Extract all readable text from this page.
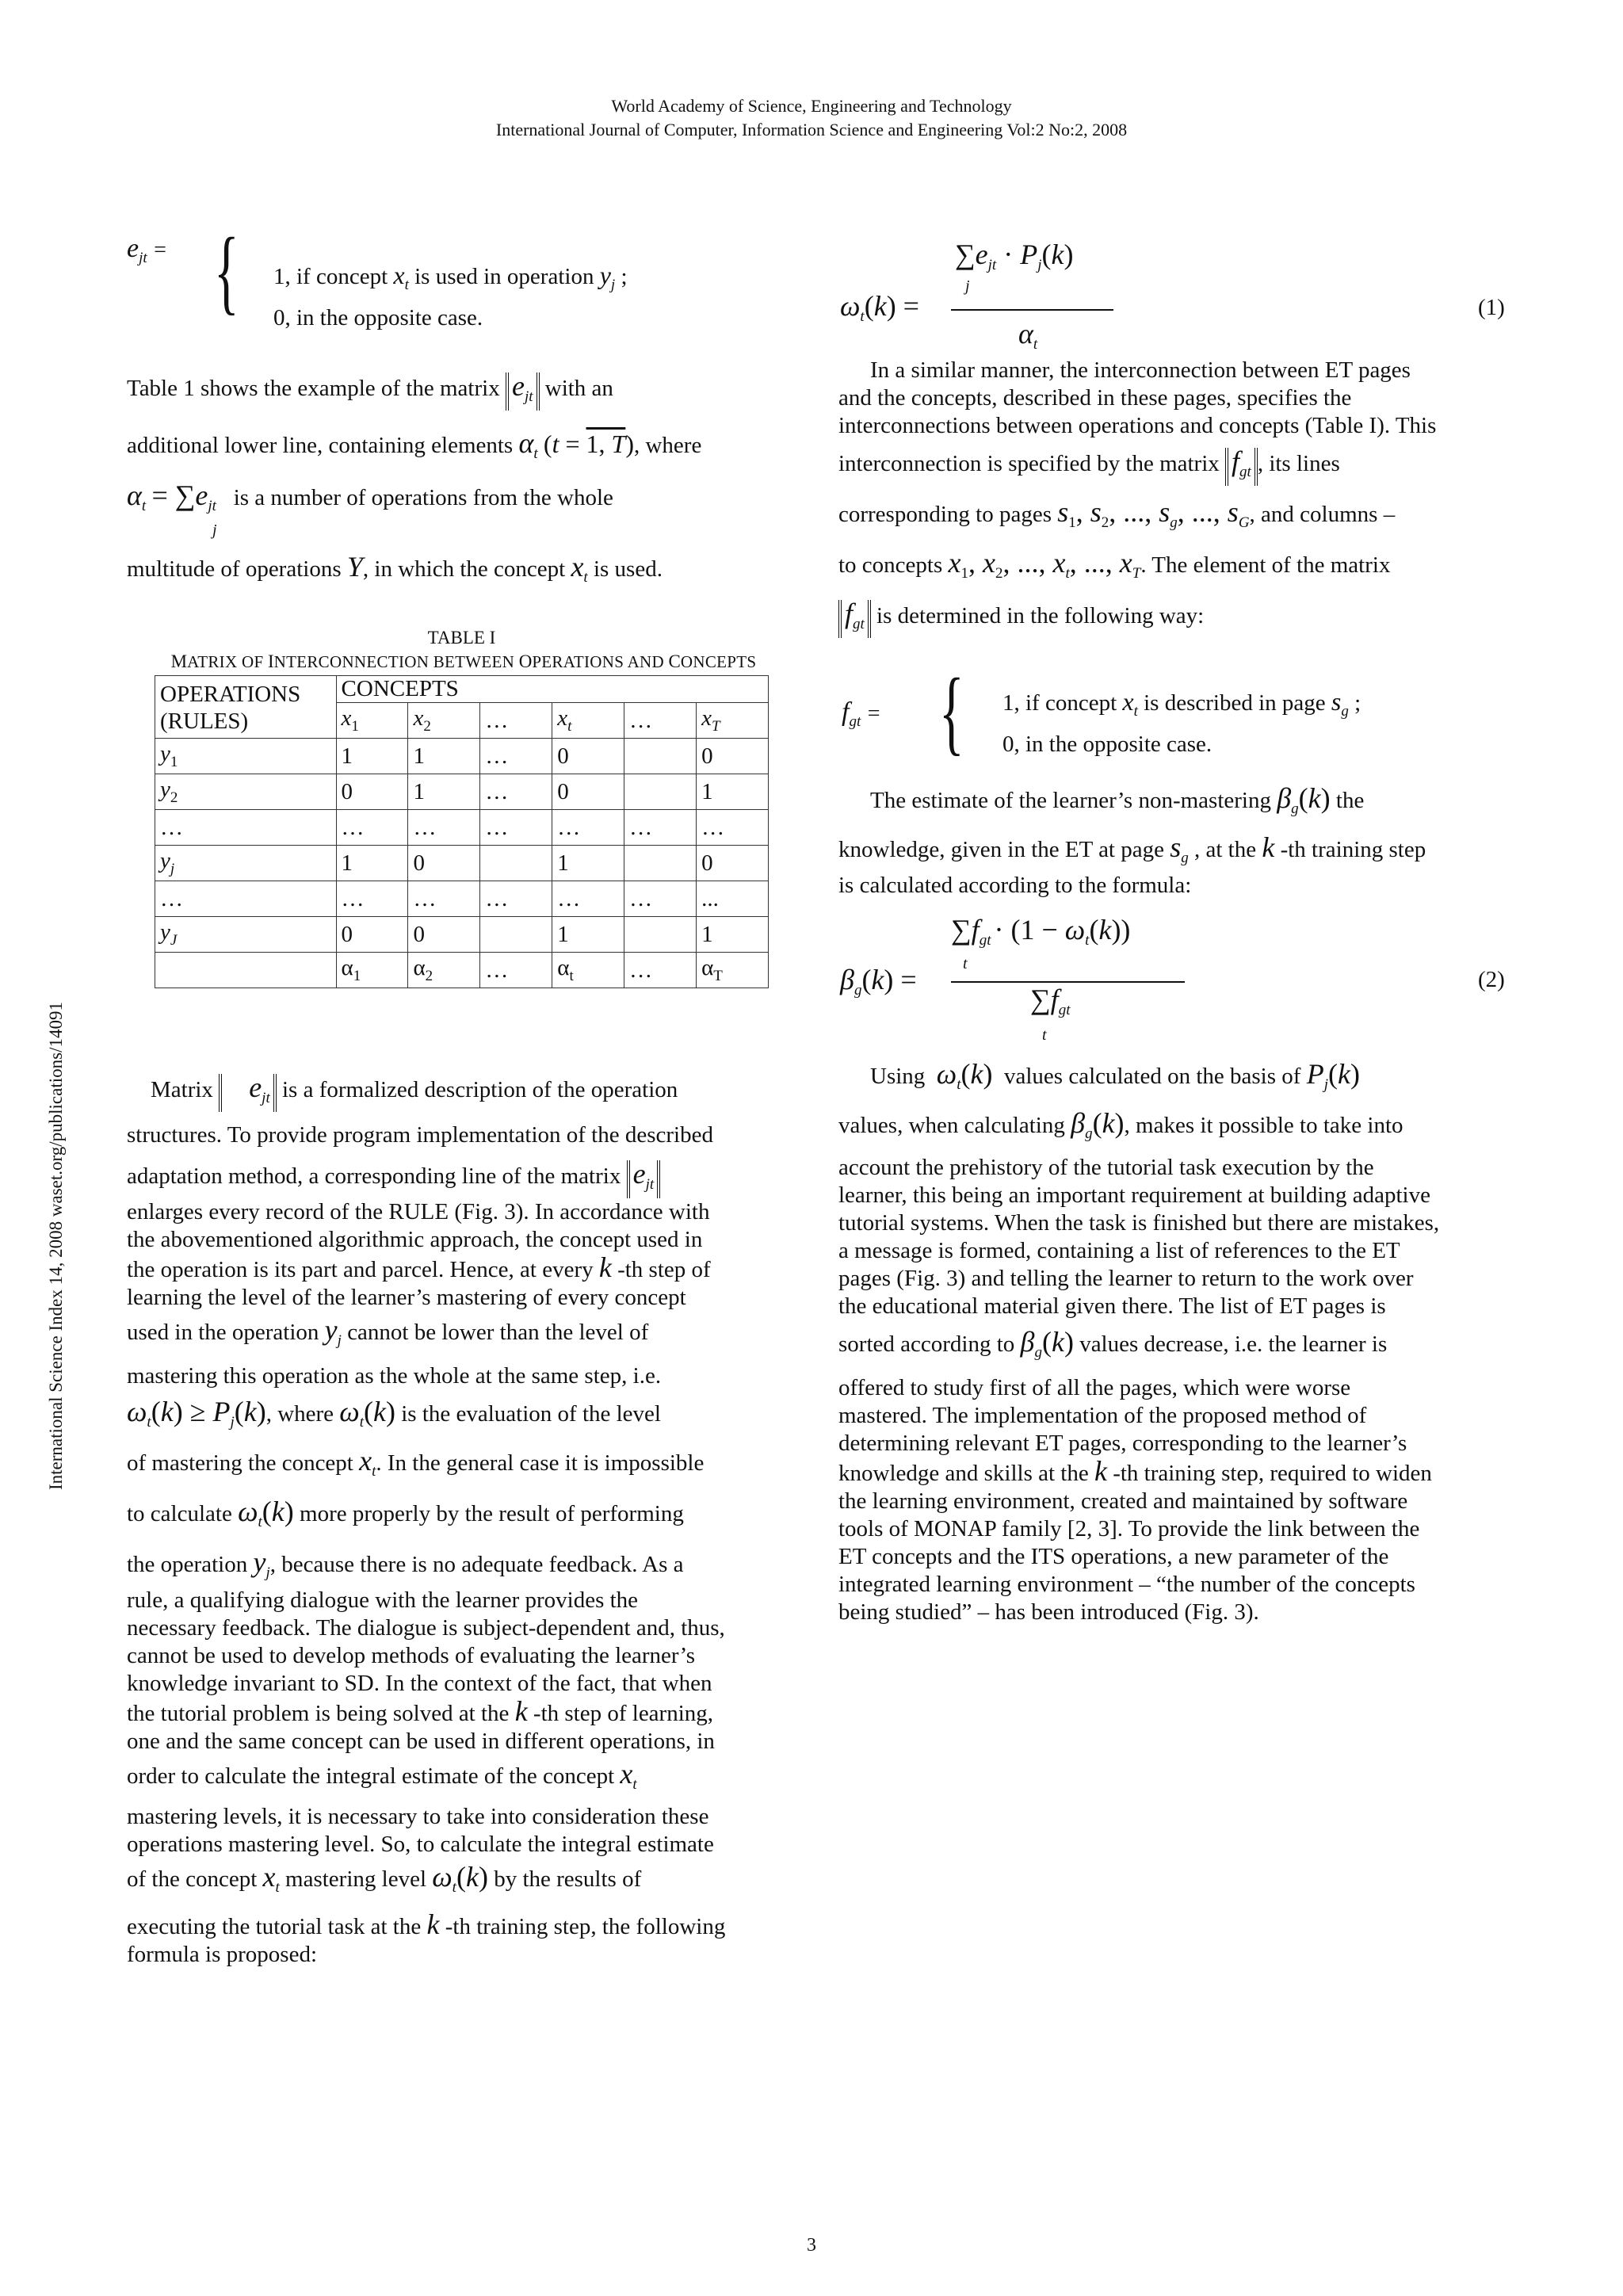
World Academy of Science, Engineering and Technology
International Journal of Computer, Information Science and Engineering Vol:2 No:2, 2008
International Science Index 14, 2008 waset.org/publications/14091
$e_{jt}$ = { 1, if concept $x_t$ is used in operation $y_j$ ;
0, in the opposite case.
Table 1 shows the example of the matrix $e_{jt}$ with an
additional lower line, containing elements $\alpha_t$ (t = 1, T), where
$\alpha_t = \sum e_{jt}$ is a number of operations from the whole
j
multitude of operations Y, in which the concept $x_t$ is used.
TABLE I
MATRIX OF INTERCONNECTION BETWEEN OPERATIONS AND CONCEPTS
OPERATIONS
(RULES)	CONCEPTS					
	$x_1$	$x_2$	…	$x_t$	…	$x_T$
$y_1$	1	1	…	0		0
$y_2$	0	1	…	0		1
…	…	…	…	…	…	…
$y_j$	1	0		1		0
…	…	…	…	…	…	...
$y_J$	0	0		1		1
	$\alpha_1$	$\alpha_2$	…	$\alpha_t$	…	$\alpha_T$

Matrix $e_{jt}$ is a formalized description of the operation

structures. To provide program implementation of the described

adaptation method, a corresponding line of the matrix $e_{jt}$

enlarges every record of the RULE (Fig. 3). In accordance with

the abovementioned algorithmic approach, the concept used in

the operation is its part and parcel. Hence, at every k -th step of

learning the level of the learner’s mastering of every concept

used in the operation $y_j$ cannot be lower than the level of

mastering this operation as the whole at the same step, i.e.

$\omega_t(k) \ge P_j(k)$, where $\omega_t(k)$ is the evaluation of the level

of mastering the concept $x_t$. In the general case it is impossible

to calculate $\omega_t(k)$ more properly by the result of performing

the operation $y_j$, because there is no adequate feedback. As a

rule, a qualifying dialogue with the learner provides the

necessary feedback. The dialogue is subject-dependent and, thus,

cannot be used to develop methods of evaluating the learner’s

knowledge invariant to SD. In the context of the fact, that when

the tutorial problem is being solved at the k -th step of learning,

one and the same concept can be used in different operations, in

order to calculate the integral estimate of the concept $x_t$

mastering levels, it is necessary to take into consideration these

operations mastering level. So, to calculate the integral estimate

of the concept $x_t$ mastering level $\omega_t(k)$ by the results of

executing the tutorial task at the k -th training step, the following

formula is proposed:

$\sum e_{jt} \cdot P_j(k)$
j
ωt(k) =
αt
(1)

In a similar manner, the interconnection between ET pages

and the concepts, described in these pages, specifies the

interconnections between operations and concepts (Table I). This

interconnection is specified by the matrix $f_{gt}$ , its lines

corresponding to pages $s_1$, $s_2$, ..., $s_g$, ..., $s_G$, and columns –

to concepts $x_1$, $x_2$, ..., $x_t$, ..., $x_T$. The element of the matrix

$f_{gt}$ is determined in the following way:

$f_{gt}$ = { 1, if concept $x_t$ is described in page $s_g$ ;
0, in the opposite case.

The estimate of the learner’s non-mastering $\beta_g(k)$ the

knowledge, given in the ET at page $s_g$ , at the k -th training step

is calculated according to the formula:

∑fgt · (1 − ωt(k))
t
βg(k) =
∑fgt
t
(2)

Using $\omega_t(k)$ values calculated on the basis of $P_j(k)$

values, when calculating $\beta_g(k)$, makes it possible to take into

account the prehistory of the tutorial task execution by the

learner, this being an important requirement at building adaptive

tutorial systems. When the task is finished but there are mistakes,

a message is formed, containing a list of references to the ET

pages (Fig. 3) and telling the learner to return to the work over

the educational material given there. The list of ET pages is

sorted according to $\beta_g(k)$ values decrease, i.e. the learner is

offered to study first of all the pages, which were worse

mastered. The implementation of the proposed method of

determining relevant ET pages, corresponding to the learner’s

knowledge and skills at the k -th training step, required to widen

the learning environment, created and maintained by software

tools of MONAP family [2, 3]. To provide the link between the

ET concepts and the ITS operations, a new parameter of the

integrated learning environment – “the number of the concepts

being studied” – has been introduced (Fig. 3).

3
